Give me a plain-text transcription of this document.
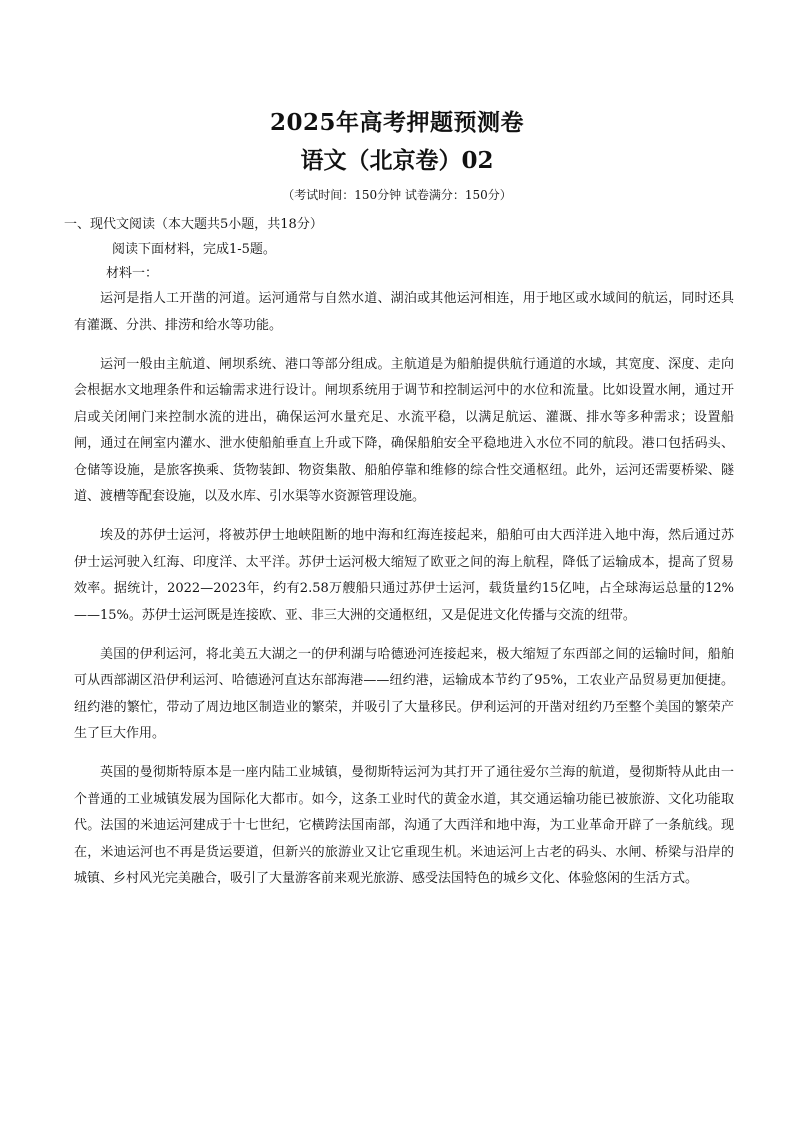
2025年高考押题预测卷
语文（北京卷）02
（考试时间：150分钟 试卷满分：150分）
一、现代文阅读（本大题共5小题，共18分）
阅读下面材料，完成1-5题。
材料一：

运河是指人工开凿的河道。运河通常与自然水道、湖泊或其他运河相连，用于地区或水域间的航运，同时还具有灌溉、分洪、排涝和给水等功能。

运河一般由主航道、闸坝系统、港口等部分组成。主航道是为船舶提供航行通道的水域，其宽度、深度、走向会根据水文地理条件和运输需求进行设计。闸坝系统用于调节和控制运河中的水位和流量。比如设置水闸，通过开启或关闭闸门来控制水流的进出，确保运河水量充足、水流平稳，以满足航运、灌溉、排水等多种需求；设置船闸，通过在闸室内灌水、泄水使船舶垂直上升或下降，确保船舶安全平稳地进入水位不同的航段。港口包括码头、仓储等设施，是旅客换乘、货物装卸、物资集散、船舶停靠和维修的综合性交通枢纽。此外，运河还需要桥梁、隧道、渡槽等配套设施，以及水库、引水渠等水资源管理设施。

埃及的苏伊士运河，将被苏伊士地峡阻断的地中海和红海连接起来，船舶可由大西洋进入地中海，然后通过苏伊士运河驶入红海、印度洋、太平洋。苏伊士运河极大缩短了欧亚之间的海上航程，降低了运输成本，提高了贸易效率。据统计，2022—2023年，约有2.58万艘船只通过苏伊士运河，载货量约15亿吨，占全球海运总量的12%——15%。苏伊士运河既是连接欧、亚、非三大洲的交通枢纽，又是促进文化传播与交流的纽带。

美国的伊利运河，将北美五大湖之一的伊利湖与哈德逊河连接起来，极大缩短了东西部之间的运输时间，船舶可从西部湖区沿伊利运河、哈德逊河直达东部海港——纽约港，运输成本节约了95%，工农业产品贸易更加便捷。纽约港的繁忙，带动了周边地区制造业的繁荣，并吸引了大量移民。伊利运河的开凿对纽约乃至整个美国的繁荣产生了巨大作用。

英国的曼彻斯特原本是一座内陆工业城镇，曼彻斯特运河为其打开了通往爱尔兰海的航道，曼彻斯特从此由一个普通的工业城镇发展为国际化大都市。如今，这条工业时代的黄金水道，其交通运输功能已被旅游、文化功能取代。法国的米迪运河建成于十七世纪，它横跨法国南部，沟通了大西洋和地中海，为工业革命开辟了一条航线。现在，米迪运河也不再是货运要道，但新兴的旅游业又让它重现生机。米迪运河上古老的码头、水闸、桥梁与沿岸的城镇、乡村风光完美融合，吸引了大量游客前来观光旅游、感受法国特色的城乡文化、体验悠闲的生活方式。
